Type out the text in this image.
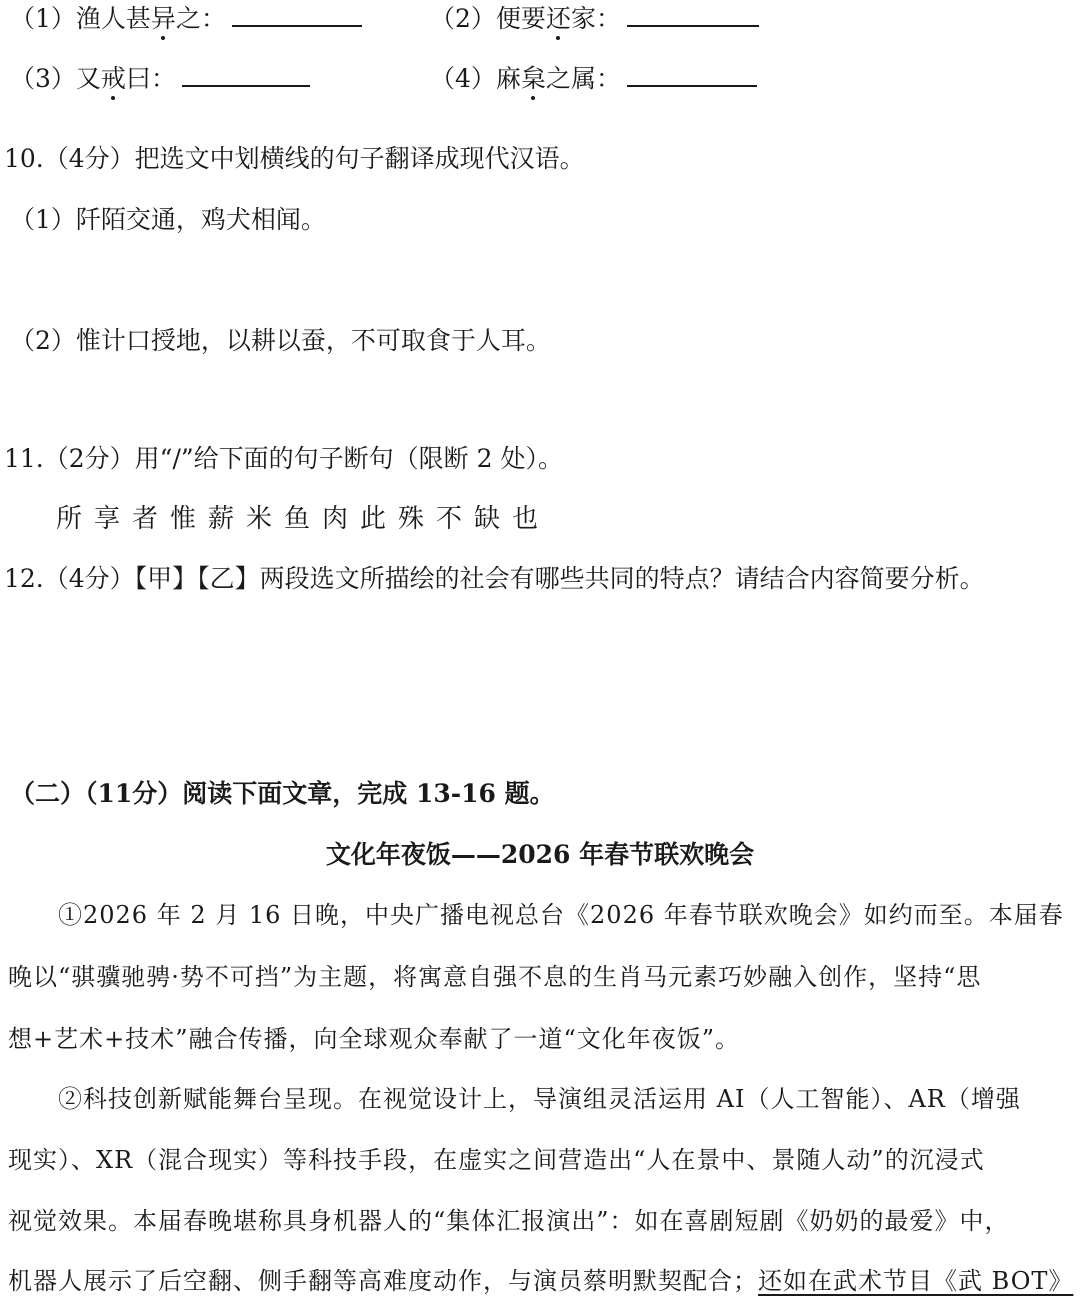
（1）渔人甚异之：	（2）便要还家：
（3）又戒曰：	（4）麻枲之属：
10.（4分）把选文中划横线的句子翻译成现代汉语。
（1）阡陌交通，鸡犬相闻。
（2）惟计口授地，以耕以蚕，不可取食于人耳。
11.（2分）用“/”给下面的句子断句（限断 2 处）。
所享者惟薪米鱼肉此殊不缺也
12.（4分）【甲】【乙】两段选文所描绘的社会有哪些共同的特点？请结合内容简要分析。
（二）（11分）阅读下面文章，完成 13-16 题。
文化年夜饭——2026 年春节联欢晚会
①2026 年 2 月 16 日晚，中央广播电视总台《2026 年春节联欢晚会》如约而至。本届春
晚以“骐骥驰骋·势不可挡”为主题，将寓意自强不息的生肖马元素巧妙融入创作，坚持“思
想+艺术+技术”融合传播，向全球观众奉献了一道“文化年夜饭”。
②科技创新赋能舞台呈现。在视觉设计上，导演组灵活运用 AI（人工智能）、AR（增强
现实）、XR（混合现实）等科技手段，在虚实之间营造出“人在景中、景随人动”的沉浸式
视觉效果。本届春晚堪称具身机器人的“集体汇报演出”：如在喜剧短剧《奶奶的最爱》中，
机器人展示了后空翻、侧手翻等高难度动作，与演员蔡明默契配合；还如在武术节目《武 BOT》
